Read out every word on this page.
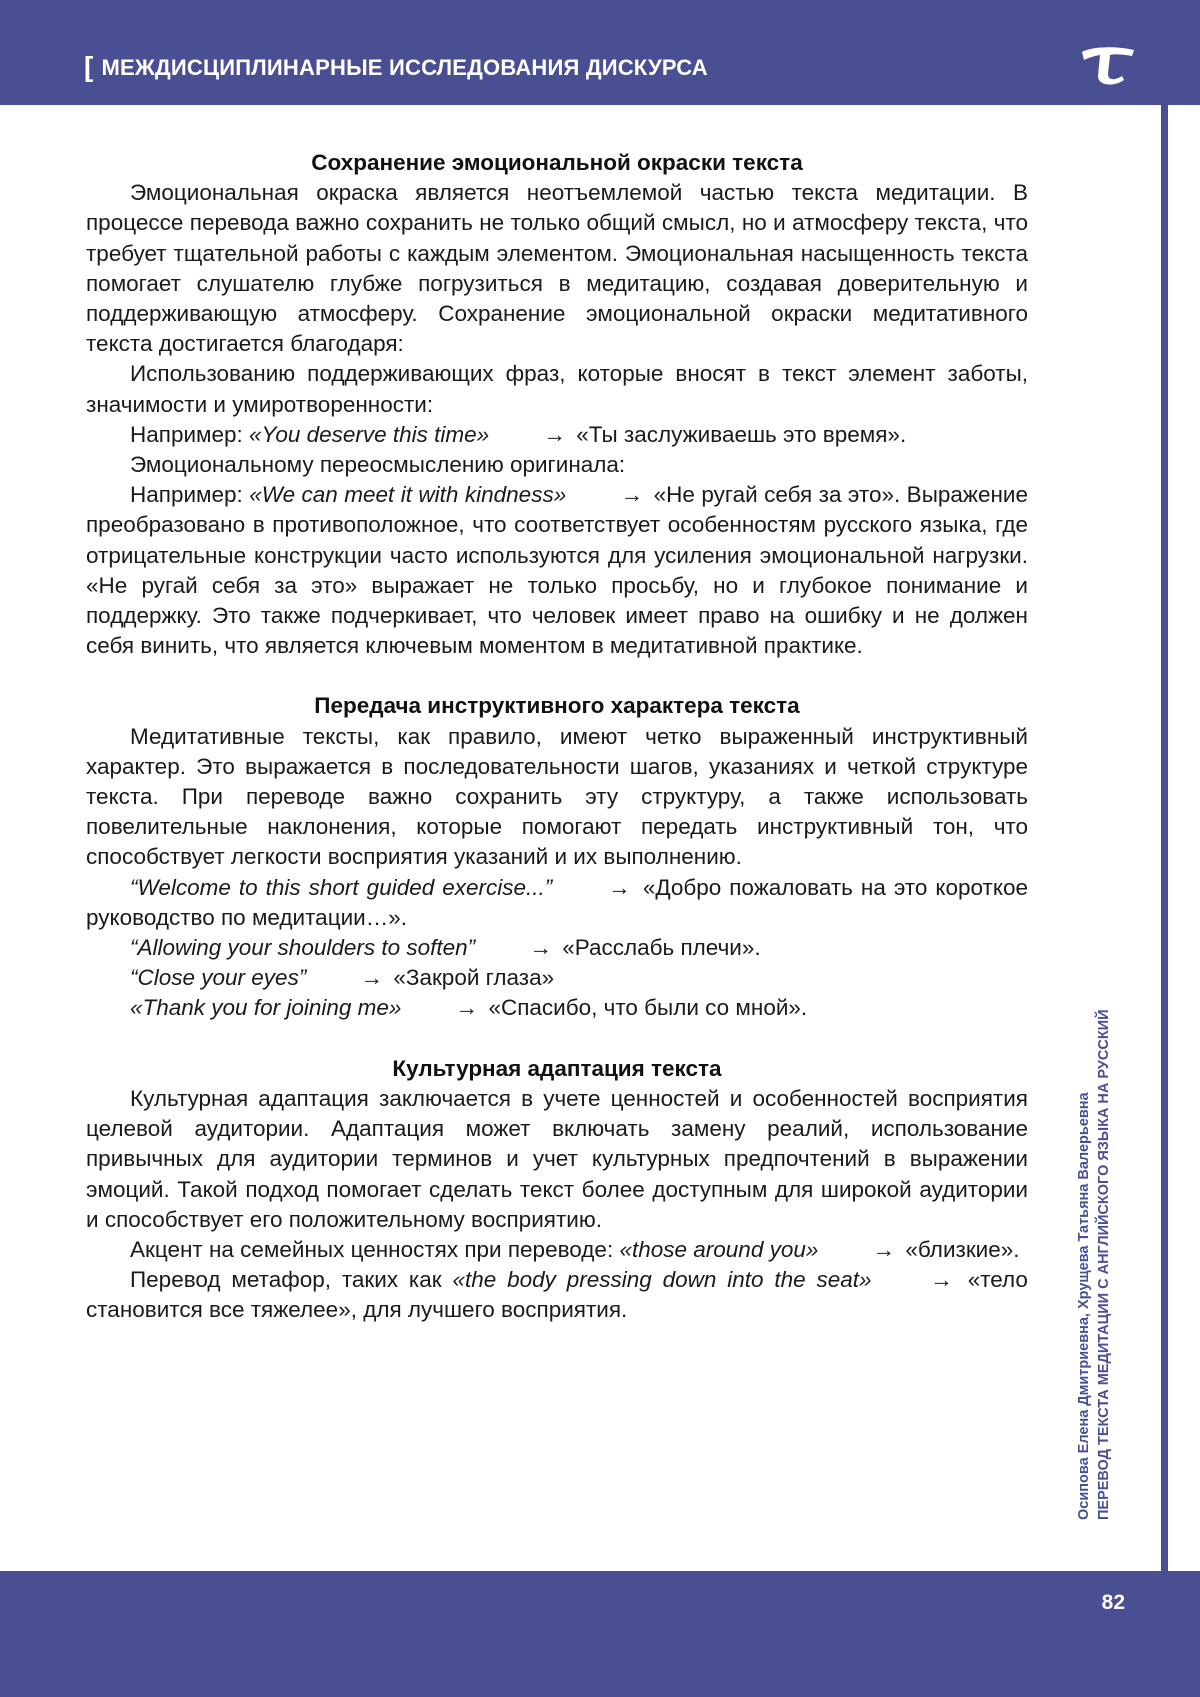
[ МЕЖДИСЦИПЛИНАРНЫЕ ИССЛЕДОВАНИЯ ДИСКУРСА
Осипова Елена Дмитриевна, Хрущева Татьяна Валерьевна ПЕРЕВОД ТЕКСТА МЕДИТАЦИИ С АНГЛИЙСКОГО ЯЗЫКА НА РУССКИЙ
Сохранение эмоциональной окраски текста

Эмоциональная окраска является неотъемлемой частью текста медитации. В процессе перевода важно сохранить не только общий смысл, но и атмосферу текста, что требует тщательной работы с каждым элементом. Эмоциональная насыщенность текста помогает слушателю глубже погрузиться в медитацию, создавая доверительную и поддерживающую атмосферу. Сохранение эмоциональной окраски медитативного текста достигается благодаря:

Использованию поддерживающих фраз, которые вносят в текст элемент заботы, значимости и умиротворенности:

Например: «You deserve this time» → «Ты заслуживаешь это время».

Эмоциональному переосмыслению оригинала:

Например: «We can meet it with kindness» → «Не ругай себя за это». Выражение преобразовано в противоположное, что соответствует особенностям русского языка, где отрицательные конструкции часто используются для усиления эмоциональной нагрузки. «Не ругай себя за это» выражает не только просьбу, но и глубокое понимание и поддержку. Это также подчеркивает, что человек имеет право на ошибку и не должен себя винить, что является ключевым моментом в медитативной практике.

Передача инструктивного характера текста

Медитативные тексты, как правило, имеют четко выраженный инструктивный характер. Это выражается в последовательности шагов, указаниях и четкой структуре текста. При переводе важно сохранить эту структуру, а также использовать повелительные наклонения, которые помогают передать инструктивный тон, что способствует легкости восприятия указаний и их выполнению.

“Welcome to this short guided exercise...” → «Добро пожаловать на это короткое руководство по медитации…».

“Allowing your shoulders to soften” → «Расслабь плечи».

“Close your eyes” → «Закрой глаза»

«Thank you for joining me» → «Спасибо, что были со мной».

Культурная адаптация текста

Культурная адаптация заключается в учете ценностей и особенностей восприятия целевой аудитории. Адаптация может включать замену реалий, использование привычных для аудитории терминов и учет культурных предпочтений в выражении эмоций. Такой подход помогает сделать текст более доступным для широкой аудитории и способствует его положительному восприятию.

Акцент на семейных ценностях при переводе: «those around you» → «близкие».

Перевод метафор, таких как «the body pressing down into the seat»	→ «тело становится все тяжелее», для лучшего восприятия.

82
